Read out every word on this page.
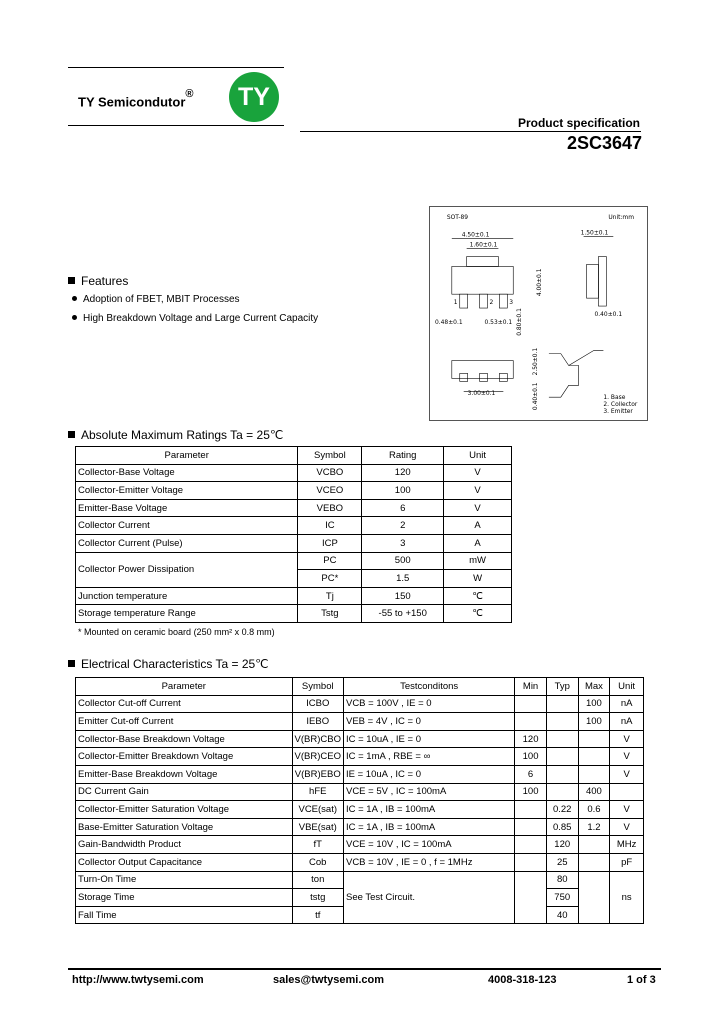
TY Semicondutor®	TY
Product specification
2SC3647
SOT-89	Unit:mm
4.50±0.1
1.60±0.1
1	2	3
0.48±0.1	0.53±0.1
4.00±0.1
0.80±0.1
1.50±0.1
0.40±0.1
3.00±0.1
2.50±0.1
0.40±0.1	1. Base
2. Collector
3. Emitter
Features
Adoption of FBET, MBIT Processes
High Breakdown Voltage and Large Current Capacity
Absolute Maximum Ratings Ta = 25℃
Parameter	Symbol	Rating	Unit
Collector-Base Voltage	VCBO	120	V
Collector-Emitter Voltage	VCEO	100	V
Emitter-Base Voltage	VEBO	6	V
Collector Current	IC	2	A
Collector Current (Pulse)	ICP	3	A
Collector Power Dissipation	PC	500	mW
	PC*	1.5	W
Junction temperature	Tj	150	℃
Storage temperature Range	Tstg	-55 to +150	℃
* Mounted on ceramic board (250 mm² x 0.8 mm)
Electrical Characteristics Ta = 25℃
Parameter	Symbol	Testconditons	Min	Typ	Max	Unit
Collector Cut-off Current	ICBO	VCB = 100V , IE = 0			100	nA
Emitter Cut-off Current	IEBO	VEB = 4V , IC = 0			100	nA
Collector-Base Breakdown Voltage	V(BR)CBO	IC = 10uA , IE = 0	120			V
Collector-Emitter Breakdown Voltage	V(BR)CEO	IC = 1mA , RBE = ∞	100			V
Emitter-Base Breakdown Voltage	V(BR)EBO	IE = 10uA , IC = 0	6			V
DC Current Gain	hFE	VCE = 5V , IC = 100mA	100		400	
Collector-Emitter Saturation Voltage	VCE(sat)	IC = 1A , IB = 100mA		0.22	0.6	V
Base-Emitter Saturation Voltage	VBE(sat)	IC = 1A , IB = 100mA		0.85	1.2	V
Gain-Bandwidth Product	fT	VCE = 10V , IC = 100mA		120		MHz
Collector Output Capacitance	Cob	VCB = 10V , IE = 0 , f = 1MHz		25		pF
Turn-On Time	ton	See Test Circuit.		80		ns
Storage Time	tstg			750		
Fall Time	tf			40		
http://www.twtysemi.com	sales@twtysemi.com	4008-318-123	1 of 3
